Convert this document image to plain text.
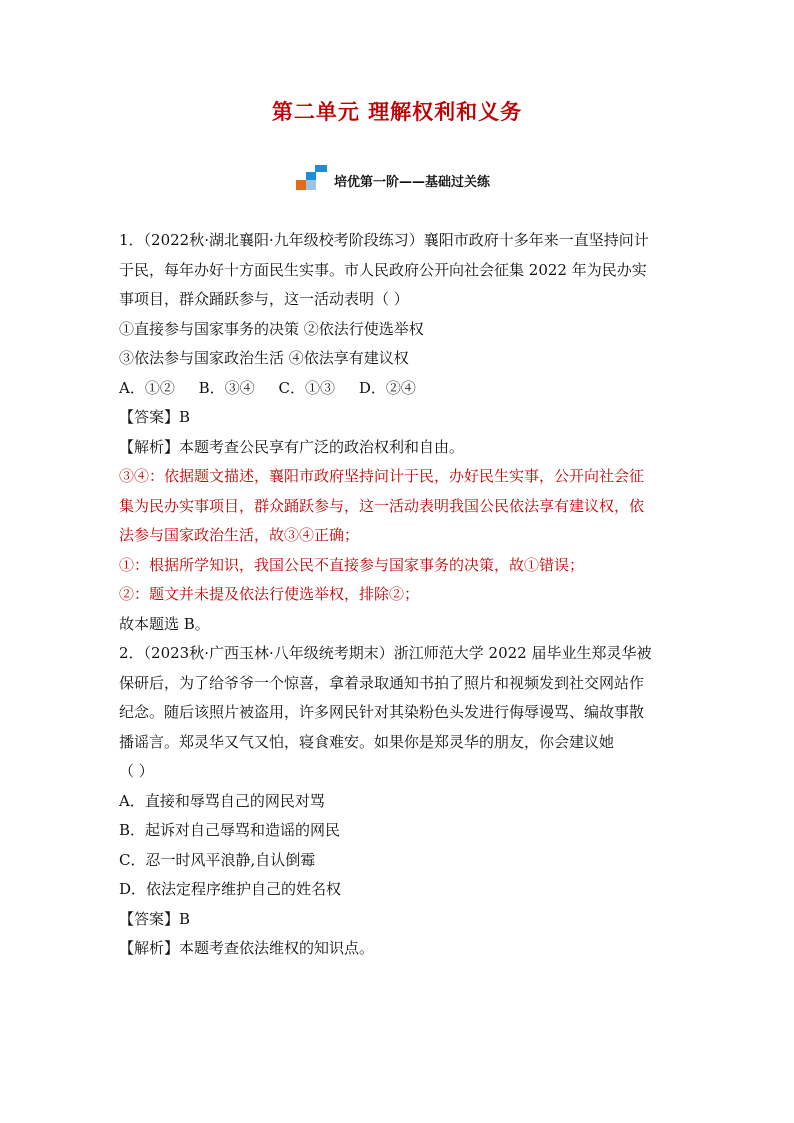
第二单元 理解权利和义务
培优第一阶——基础过关练

1．（2022秋·湖北襄阳·九年级校考阶段练习）襄阳市政府十多年来一直坚持问计

于民，每年办好十方面民生实事。市人民政府公开向社会征集 2022 年为民办实

事项目，群众踊跃参与，这一活动表明（ ）

①直接参与国家事务的决策 ②依法行使选举权

③依法参与国家政治生活 ④依法享有建议权

A．①②     B．③④     C．①③     D．②④

【答案】B

【解析】本题考查公民享有广泛的政治权利和自由。

③④：依据题文描述，襄阳市政府坚持问计于民，办好民生实事，公开向社会征

集为民办实事项目，群众踊跃参与，这一活动表明我国公民依法享有建议权，依

法参与国家政治生活，故③④正确；

①：根据所学知识，我国公民不直接参与国家事务的决策，故①错误；

②：题文并未提及依法行使选举权，排除②；

故本题选 B。

2．（2023秋·广西玉林·八年级统考期末）浙江师范大学 2022 届毕业生郑灵华被

保研后，为了给爷爷一个惊喜，拿着录取通知书拍了照片和视频发到社交网站作

纪念。随后该照片被盗用，许多网民针对其染粉色头发进行侮辱谩骂、编故事散

播谣言。郑灵华又气又怕，寝食难安。如果你是郑灵华的朋友，你会建议她

（ ）

A．直接和辱骂自己的网民对骂

B．起诉对自己辱骂和造谣的网民

C．忍一时风平浪静,自认倒霉

D．依法定程序维护自己的姓名权

【答案】B

【解析】本题考查依法维权的知识点。
